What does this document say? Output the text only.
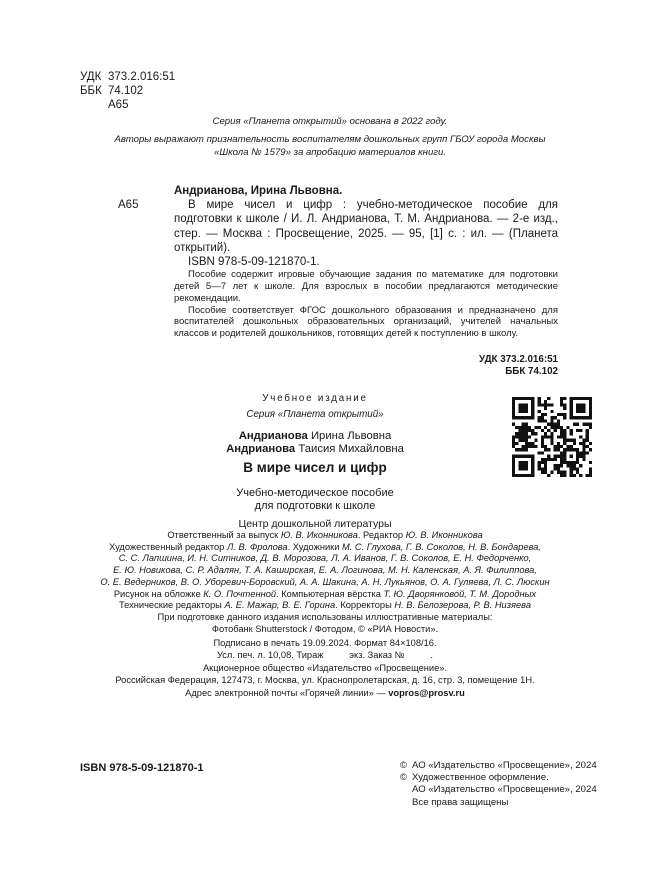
УДК 373.2.016:51
ББК 74.102
А65
Серия «Планета открытий» основана в 2022 году.
Авторы выражают признательность воспитателям дошкольных групп ГБОУ города Москвы
«Школа № 1579» за апробацию материалов книги.
Андрианова, Ирина Львовна.
А65	В мире чисел и цифр : учебно-методическое пособие для подготовки к школе / И. Л. Андрианова, Т. М. Андрианова. — 2-е изд., стер. — Москва : Просвещение, 2025. — 95, [1] с. : ил. — (Планета открытий).
ISBN 978-5-09-121870-1.

Пособие содержит игровые обучающие задания по математике для подготовки детей 5—7 лет к школе. Для взрослых в пособии предлагаются методические рекомендации.

Пособие соответствует ФГОС дошкольного образования и предназначено для воспитателей дошкольных образовательных организаций, учителей начальных классов и родителей дошкольников, готовящих детей к поступлению в школу.

УДК 373.2.016:51
ББК 74.102
Учебное издание
Серия «Планета открытий»
Андрианова Ирина Львовна
Андрианова Таисия Михайловна
В мире чисел и цифр
Учебно-методическое пособие
для подготовки к школе
Центр дошкольной литературы
Ответственный за выпуск Ю. В. Иконникова. Редактор Ю. В. Иконникова
Художественный редактор Л. В. Фролова. Художники М. С. Глухова, Г. В. Соколов, Н. В. Бондарева,
С. С. Лапшина, И. Н. Ситников, Д. В. Морозова, Л. А. Иванов, Г. В. Соколов, Е. Н. Федорченко,
Е. Ю. Новикова, С. Р. Адалян, Т. А. Каширская, Е. А. Логинова, М. Н. Каленская, А. Я. Филиппова,
О. Е. Ведерников, В. О. Уборевич-Боровский, А. А. Шакина, А. Н. Лукьянов, О. А. Гуляева, Л. С. Люскин
Рисунок на обложке К. О. Почтенной. Компьютерная вёрстка Т. Ю. Дворянковой, Т. М. Дородных
Технические редакторы А. Е. Мажар, В. Е. Горина. Корректоры Н. В. Белозерова, Р. В. Низяева
При подготовке данного издания использованы иллюстративные материалы:
Фотобанк Shutterstock / Фотодом, © «РИА Новости».
Подписано в печать 19.09.2024. Формат 84×108/16.
Усл. печ. л. 10,08. Тираж          экз. Заказ №          .
Акционерное общество «Издательство «Просвещение».
Российская Федерация, 127473, г. Москва, ул. Краснопролетарская, д. 16, стр. 3, помещение 1Н.
Адрес электронной почты «Горячей линии» — vopros@prosv.ru
ISBN 978-5-09-121870-1	© АО «Издательство «Просвещение», 2024
© Художественное оформление.
АО «Издательство «Просвещение», 2024
Все права защищены
